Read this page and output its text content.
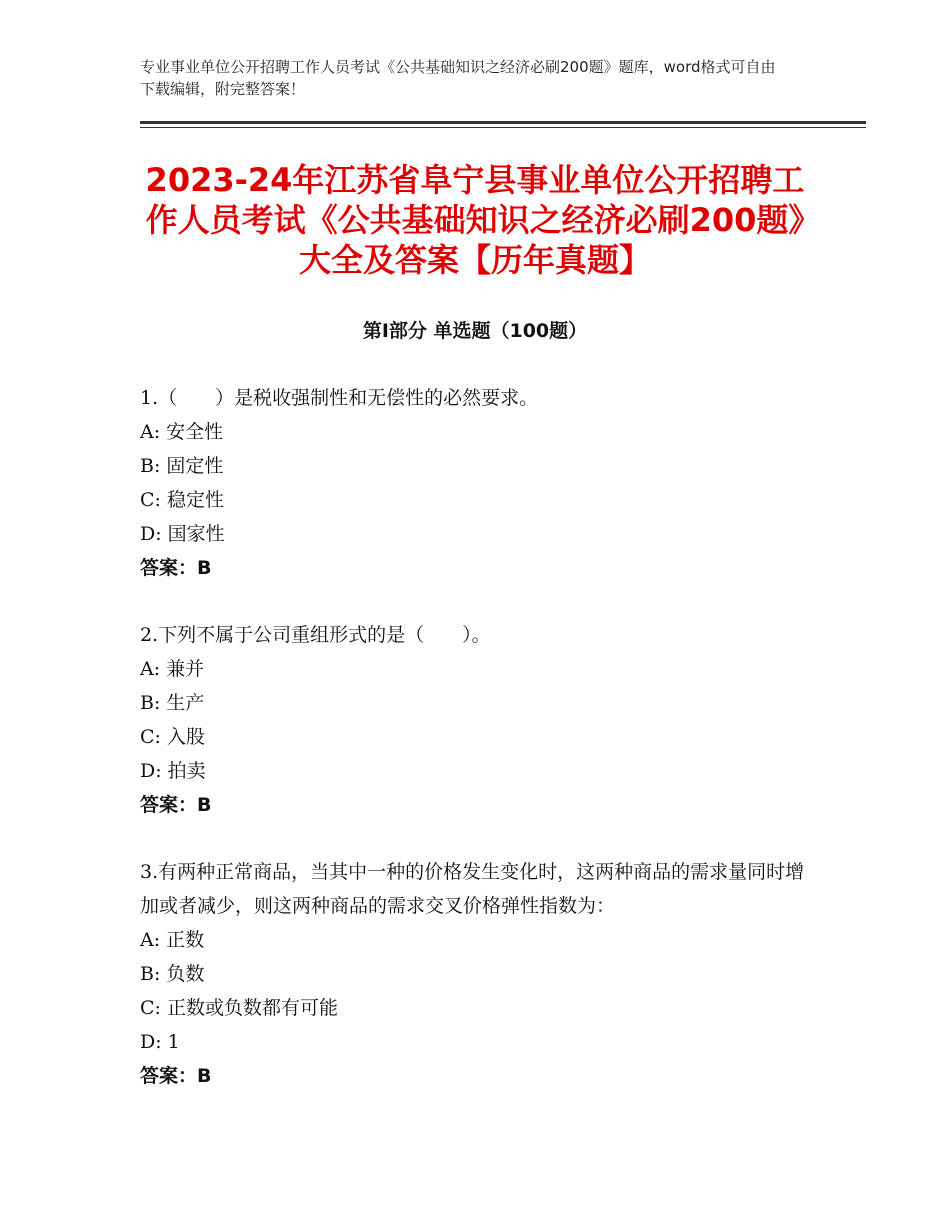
专业事业单位公开招聘工作人员考试《公共基础知识之经济必刷200题》题库，word格式可自由下载编辑，附完整答案！
2023-24年江苏省阜宁县事业单位公开招聘工作人员考试《公共基础知识之经济必刷200题》大全及答案【历年真题】
第Ⅰ部分 单选题（100题）
1.（　　）是税收强制性和无偿性的必然要求。
A: 安全性
B: 固定性
C: 稳定性
D: 国家性
答案：B
2.下列不属于公司重组形式的是（　　）。
A: 兼并
B: 生产
C: 入股
D: 拍卖
答案：B
3.有两种正常商品，当其中一种的价格发生变化时，这两种商品的需求量同时增加或者减少，则这两种商品的需求交叉价格弹性指数为：
A: 正数
B: 负数
C: 正数或负数都有可能
D: 1
答案：B
